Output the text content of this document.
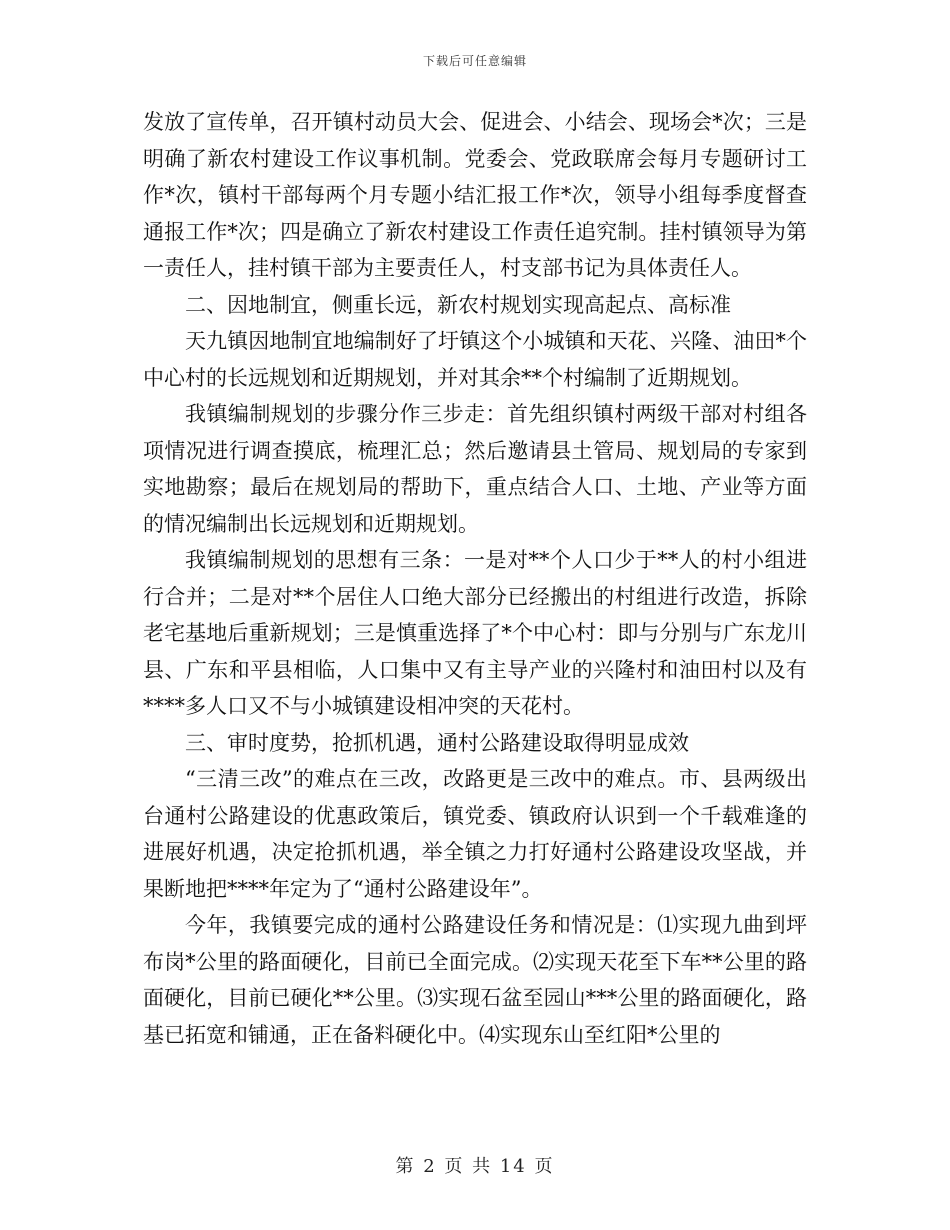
下载后可任意编辑

发放了宣传单，召开镇村动员大会、促进会、小结会、现场会*次；三是明确了新农村建设工作议事机制。党委会、党政联席会每月专题研讨工作*次，镇村干部每两个月专题小结汇报工作*次，领导小组每季度督查通报工作*次；四是确立了新农村建设工作责任追究制。挂村镇领导为第一责任人，挂村镇干部为主要责任人，村支部书记为具体责任人。

二、因地制宜，侧重长远，新农村规划实现高起点、高标准

天九镇因地制宜地编制好了圩镇这个小城镇和天花、兴隆、油田*个中心村的长远规划和近期规划，并对其余**个村编制了近期规划。

我镇编制规划的步骤分作三步走：首先组织镇村两级干部对村组各项情况进行调查摸底，梳理汇总；然后邀请县土管局、规划局的专家到实地勘察；最后在规划局的帮助下，重点结合人口、土地、产业等方面的情况编制出长远规划和近期规划。

我镇编制规划的思想有三条：一是对**个人口少于**人的村小组进行合并；二是对**个居住人口绝大部分已经搬出的村组进行改造，拆除老宅基地后重新规划；三是慎重选择了*个中心村：即与分别与广东龙川县、广东和平县相临，人口集中又有主导产业的兴隆村和油田村以及有****多人口又不与小城镇建设相冲突的天花村。

三、审时度势，抢抓机遇，通村公路建设取得明显成效

“三清三改”的难点在三改，改路更是三改中的难点。市、县两级出台通村公路建设的优惠政策后，镇党委、镇政府认识到一个千载难逢的进展好机遇，决定抢抓机遇，举全镇之力打好通村公路建设攻坚战，并果断地把****年定为了“通村公路建设年”。

今年，我镇要完成的通村公路建设任务和情况是：⑴实现九曲到坪布岗*公里的路面硬化，目前已全面完成。⑵实现天花至下车**公里的路面硬化，目前已硬化**公里。⑶实现石盆至园山***公里的路面硬化，路基已拓宽和铺通，正在备料硬化中。⑷实现东山至红阳*公里的

第 2 页 共 14 页
